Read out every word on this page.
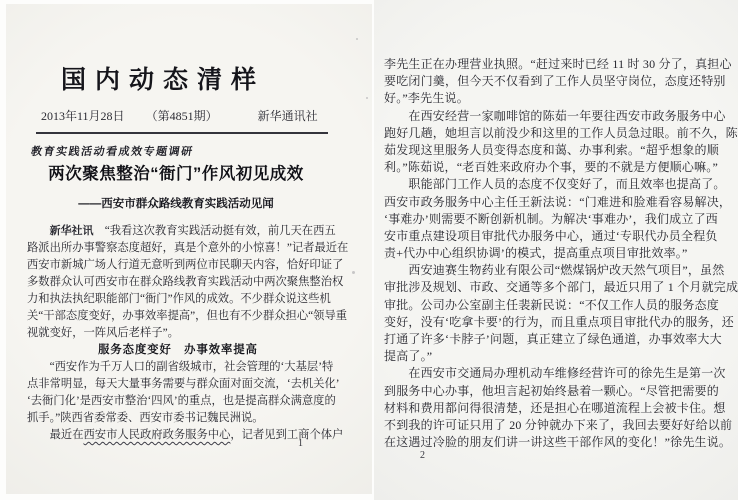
国内动态清样
2013年11月28日 （第4851期）	新华通讯社
教育实践活动看成效专题调研
两次聚焦整治“衙门”作风初见成效
——西安市群众路线教育实践活动见闻
　　新华社讯　“我看这次教育实践活动挺有效，前几天在西五
路派出所办事警察态度超好，真是个意外的小惊喜！”记者最近在
西安市新城广场人行道无意听到两位市民聊天内容，恰好印证了
多数群众认可西安市在群众路线教育实践活动中两次聚焦整治权
力和执法执纪职能部门“衙门”作风的成效。不少群众说这些机
关“干部态度变好，办事效率提高”，但也有不少群众担心“领导重
视就变好，一阵风后老样子”。
服务态度变好　办事效率提高
　　“西安作为千万人口的副省级城市，社会管理的‘大基层’特
点非常明显，每天大量事务需要与群众面对面交流，‘去机关化’
‘去衙门化’是西安市整治‘四风’的重点，也是提高群众满意度的
抓手。”陕西省委常委、西安市委书记魏民洲说。
　　最近在西安市人民政府政务服务中心，记者见到工商个体户
1
李先生正在办理营业执照。“赶过来时已经 11 时 30 分了，真担心
要吃闭门羹，但今天不仅看到了工作人员坚守岗位，态度还特别
好。”李先生说。
　　在西安经营一家咖啡馆的陈茹一年要往西安市政务服务中心
跑好几趟，她坦言以前没少和这里的工作人员急过眼。前不久，陈
茹发现这里服务人员变得态度和蔼、办事利索。“超乎想象的顺
利。”陈茹说，“老百姓来政府办个事，要的不就是方便顺心嘛。”
　　职能部门工作人员的态度不仅变好了，而且效率也提高了。
西安市政务服务中心主任王新法说：“门难进和脸难看容易解决，
‘事难办’则需要不断创新机制。为解决‘事难办’，我们成立了西
安市重点建设项目审批代办服务中心，通过‘专职代办员全程负
责+代办中心组织协调’的模式，提高重点项目审批效率。”
　　西安迪赛生物药业有限公司“燃煤锅炉改天然气项目”，虽然
审批涉及规划、市政、交通等多个部门，最近只用了 1 个月就完成
审批。公司办公室副主任裴新民说：“不仅工作人员的服务态度
变好，没有‘吃拿卡要’的行为，而且重点项目审批代办的服务，还
打通了许多‘卡脖子’问题，真正建立了绿色通道，办事效率大大
提高了。”
　　在西安市交通局办理机动车维修经营许可的徐先生是第一次
到服务中心办事，他坦言起初始终悬着一颗心。“尽管把需要的
材料和费用都问得很清楚，还是担心在哪道流程上会被卡住。想
不到我的许可证只用了 20 分钟就办下来了，我回去要好好给以前
在这遇过冷脸的朋友们讲一讲这些干部作风的变化！”徐先生说。
2
